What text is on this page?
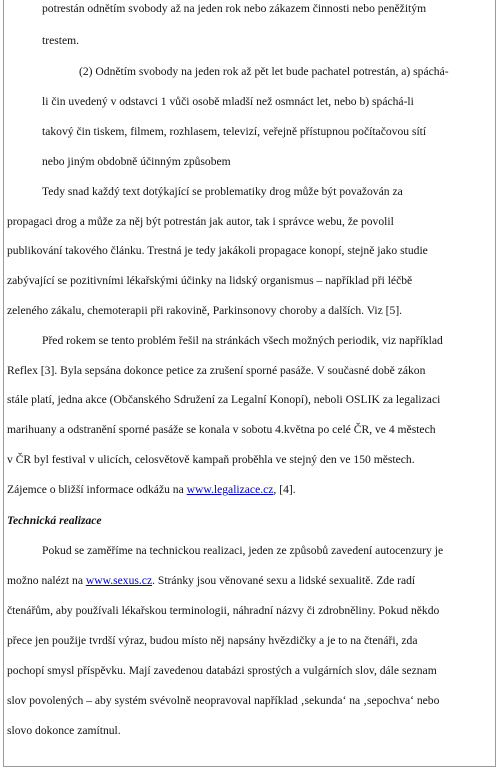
potrestán odnětím svobody až na jeden rok nebo zákazem činnosti nebo peněžitým
trestem.
(2) Odnětím svobody na jeden rok až pět let bude pachatel potrestán, a) spáchá-
li čin uvedený v odstavci 1 vůči osobě mladší než osmnáct let, nebo b) spáchá-li
takový čin tiskem, filmem, rozhlasem, televizí, veřejně přístupnou počítačovou sítí
nebo jiným obdobně účinným způsobem
Tedy snad každý text dotýkající se problematiky drog může být považován za
propagaci drog a může za něj být potrestán jak autor, tak i správce webu, že povolil
publikování takového článku. Trestná je tedy jakákoli propagace konopí, stejně jako studie
zabývající se pozitivními lékařskými účinky na lidský organismus – například při léčbě
zeleného zákalu, chemoterapii při rakovině, Parkinsonovy choroby a dalších. Viz [5].
Před rokem se tento problém řešil na stránkách všech možných periodik, viz například
Reflex [3]. Byla sepsána dokonce petice za zrušení sporné pasáže. V současné době zákon
stále platí, jedna akce (Občanského Sdružení za Legalní Konopí), neboli OSLIK za legalizaci
marihuany a odstranění sporné pasáže se konala v sobotu 4.května po celé ČR, ve 4 městech
v ČR byl festival v ulicích, celosvětově kampaň proběhla ve stejný den ve 150 městech.
Zájemce o bližší informace odkážu na www.legalizace.cz, [4].
Technická realizace
Pokud se zaměříme na technickou realizaci, jeden ze způsobů zavedení autocenzury je
možno nalézt na www.sexus.cz. Stránky jsou věnované sexu a lidské sexualitě. Zde radí
čtenářům, aby používali lékařskou terminologii, náhradní názvy či zdrobněliny. Pokud někdo
přece jen použije tvrdší výraz, budou místo něj napsány hvězdičky a je to na čtenáři, zda
pochopí smysl příspěvku. Mají zavedenou databázi sprostých a vulgárních slov, dále seznam
slov povolených – aby systém svévolně neopravoval například ‚sekunda‘ na ‚sepochva‘ nebo
slovo dokonce zamítnul.
